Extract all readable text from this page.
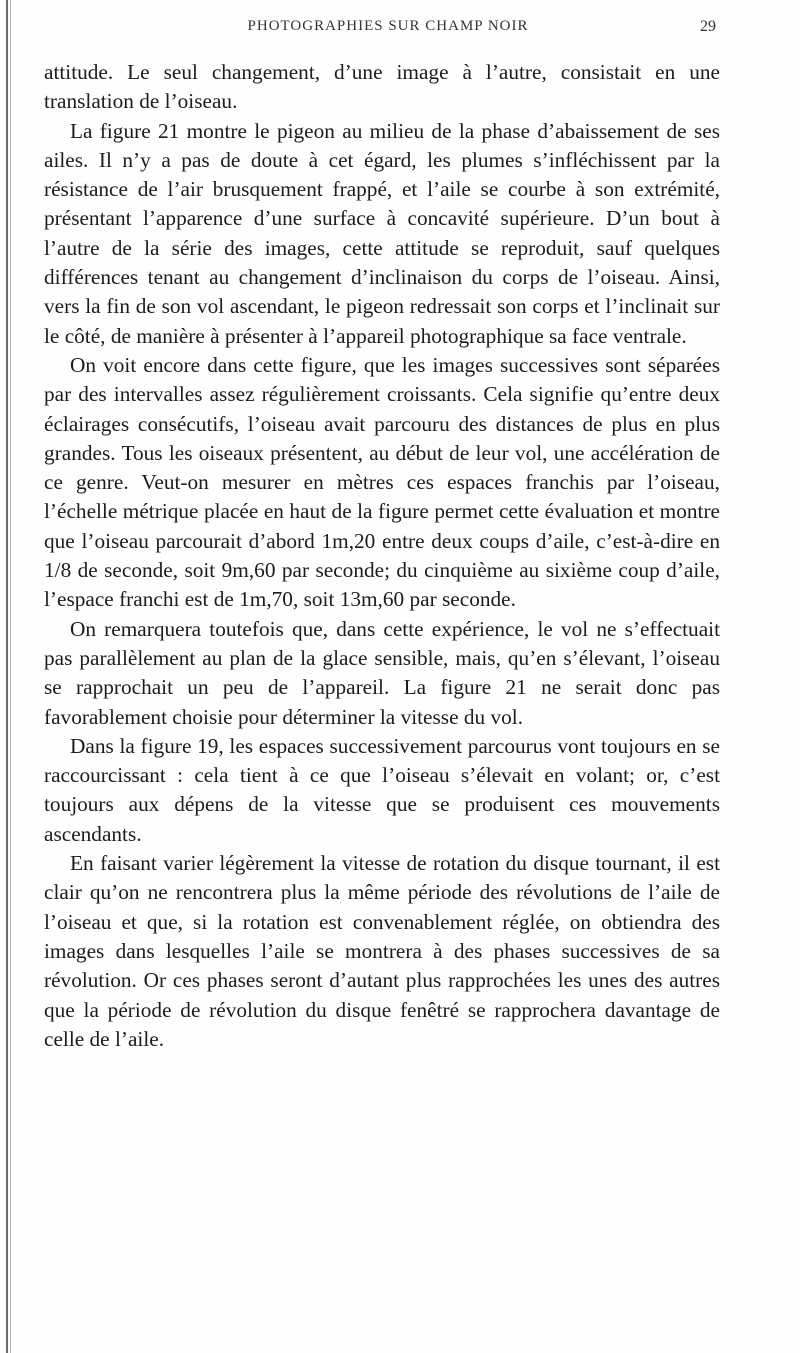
PHOTOGRAPHIES SUR CHAMP NOIR	29

attitude. Le seul changement, d’une image à l’autre, consistait en une translation de l’oiseau.

La figure 21 montre le pigeon au milieu de la phase d’abaissement de ses ailes. Il n’y a pas de doute à cet égard, les plumes s’infléchissent par la résistance de l’air brusquement frappé, et l’aile se courbe à son extrémité, présentant l’apparence d’une surface à concavité supérieure. D’un bout à l’autre de la série des images, cette attitude se reproduit, sauf quelques différences tenant au changement d’inclinaison du corps de l’oiseau. Ainsi, vers la fin de son vol ascendant, le pigeon redressait son corps et l’inclinait sur le côté, de manière à présenter à l’appareil photographique sa face ventrale.

On voit encore dans cette figure, que les images successives sont séparées par des intervalles assez régulièrement croissants. Cela signifie qu’entre deux éclairages consécutifs, l’oiseau avait parcouru des distances de plus en plus grandes. Tous les oiseaux présentent, au début de leur vol, une accélération de ce genre. Veut-on mesurer en mètres ces espaces franchis par l’oiseau, l’échelle métrique placée en haut de la figure permet cette évaluation et montre que l’oiseau parcourait d’abord 1m,20 entre deux coups d’aile, c’est-à-dire en 1/8 de seconde, soit 9m,60 par seconde; du cinquième au sixième coup d’aile, l’espace franchi est de 1m,70, soit 13m,60 par seconde.

On remarquera toutefois que, dans cette expérience, le vol ne s’effectuait pas parallèlement au plan de la glace sensible, mais, qu’en s’élevant, l’oiseau se rapprochait un peu de l’appareil. La figure 21 ne serait donc pas favorablement choisie pour déterminer la vitesse du vol.

Dans la figure 19, les espaces successivement parcourus vont toujours en se raccourcissant : cela tient à ce que l’oiseau s’élevait en volant; or, c’est toujours aux dépens de la vitesse que se produisent ces mouvements ascendants.

En faisant varier légèrement la vitesse de rotation du disque tournant, il est clair qu’on ne rencontrera plus la même période des révolutions de l’aile de l’oiseau et que, si la rotation est convenablement réglée, on obtiendra des images dans lesquelles l’aile se montrera à des phases successives de sa révolution. Or ces phases seront d’autant plus rapprochées les unes des autres que la période de révolution du disque fenêtré se rapprochera davantage de celle de l’aile.
